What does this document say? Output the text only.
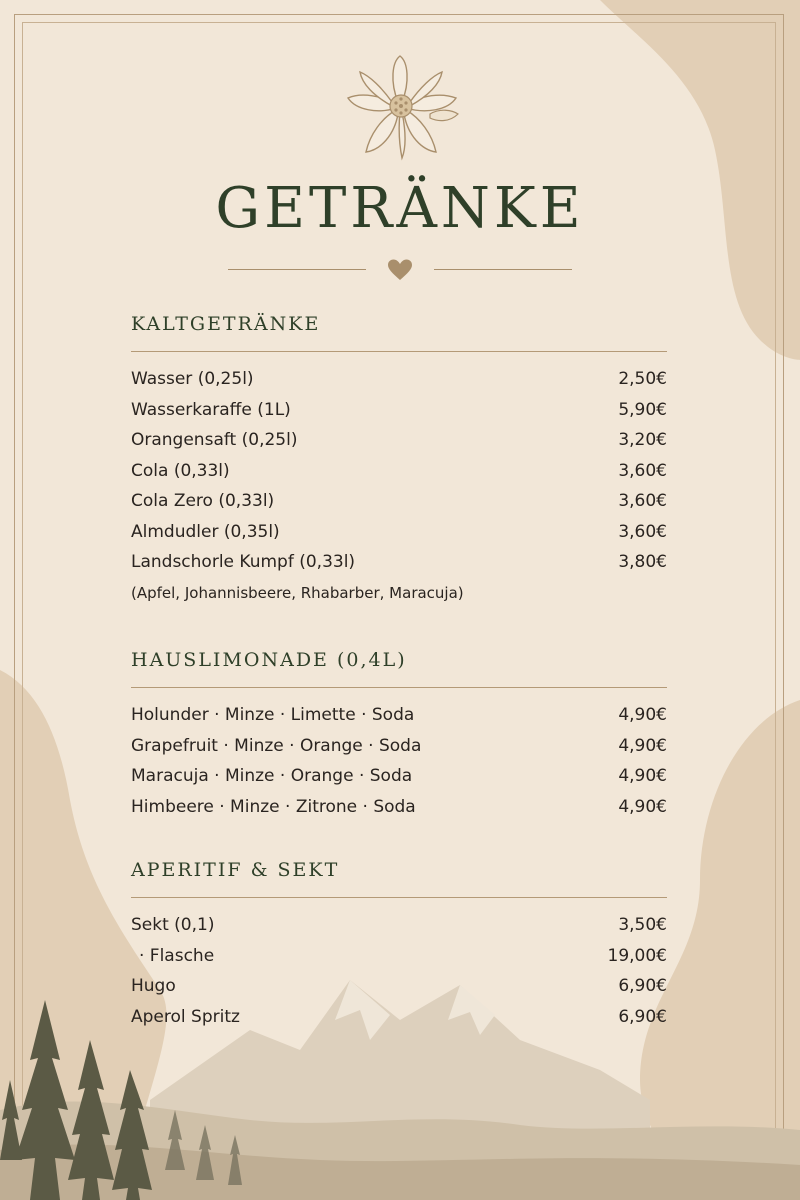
GETRÄNKE
KALTGETRÄNKE
Wasser (0,25l)	2,50€
Wasserkaraffe (1L)	5,90€
Orangensaft (0,25l)	3,20€
Cola (0,33l)	3,60€
Cola Zero (0,33l)	3,60€
Almdudler (0,35l)	3,60€
Landschorle Kumpf (0,33l)	3,80€
(Apfel, Johannisbeere, Rhabarber, Maracuja)
HAUSLIMONADE (0,4L)
Holunder · Minze · Limette · Soda	4,90€
Grapefruit · Minze · Orange · Soda	4,90€
Maracuja · Minze · Orange · Soda	4,90€
Himbeere · Minze · Zitrone · Soda	4,90€
APERITIF & SEKT
Sekt (0,1)	3,50€
· Flasche	19,00€
Hugo	6,90€
Aperol Spritz	6,90€
